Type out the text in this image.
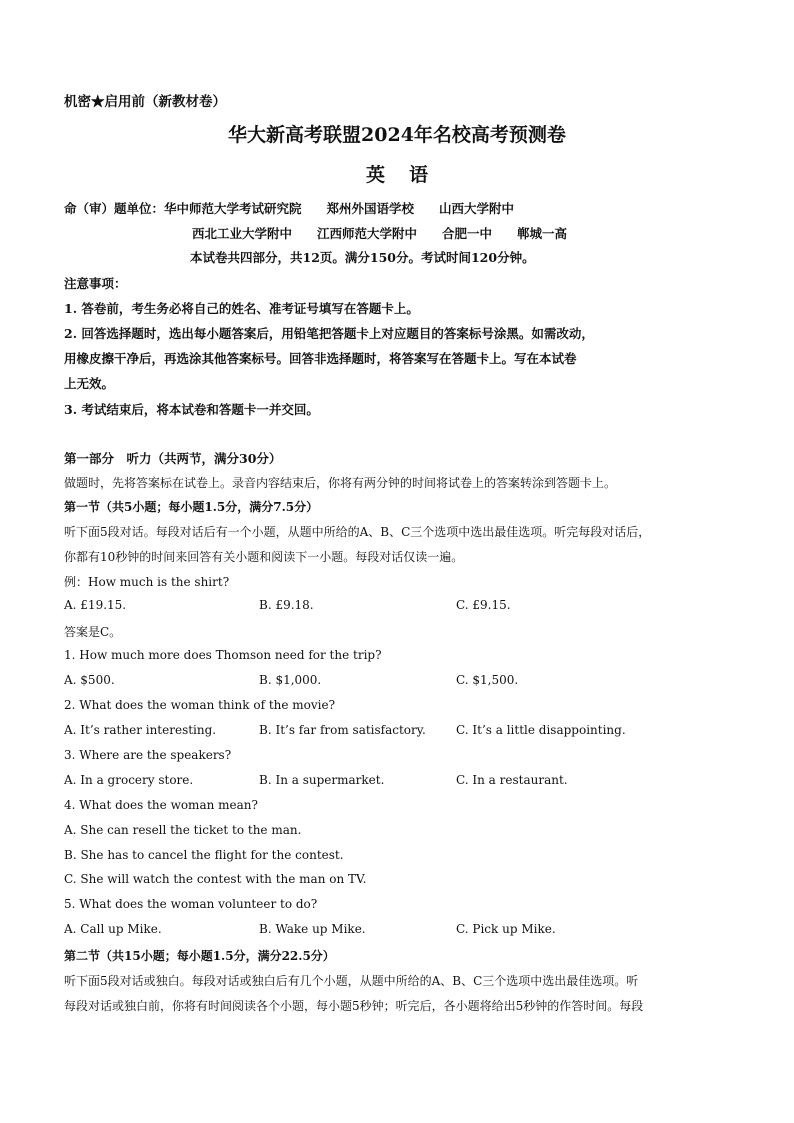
机密★启用前（新教材卷）
华大新高考联盟2024年名校高考预测卷
英语
命（审）题单位：华中师范大学考试研究院　　郑州外国语学校　　山西大学附中
西北工业大学附中　　江西师范大学附中　　合肥一中　　郸城一高
本试卷共四部分，共12页。满分150分。考试时间120分钟。
注意事项：
1. 答卷前，考生务必将自己的姓名、准考证号填写在答题卡上。
2. 回答选择题时，选出每小题答案后，用铅笔把答题卡上对应题目的答案标号涂黑。如需改动，
用橡皮擦干净后，再选涂其他答案标号。回答非选择题时，将答案写在答题卡上。写在本试卷
上无效。
3. 考试结束后，将本试卷和答题卡一并交回。
第一部分　听力（共两节，满分30分）
做题时，先将答案标在试卷上。录音内容结束后，你将有两分钟的时间将试卷上的答案转涂到答题卡上。
第一节（共5小题；每小题1.5分，满分7.5分）
听下面5段对话。每段对话后有一个小题，从题中所给的A、B、C三个选项中选出最佳选项。听完每段对话后，
你都有10秒钟的时间来回答有关小题和阅读下一小题。每段对话仅读一遍。
例：How much is the shirt?
A. £19.15.	B. £9.18.	C. £9.15.
答案是C。
1. How much more does Thomson need for the trip?
A. $500.	B. $1,000.	C. $1,500.
2. What does the woman think of the movie?
A. It’s rather interesting.	B. It’s far from satisfactory.	C. It’s a little disappointing.
3. Where are the speakers?
A. In a grocery store.	B. In a supermarket.	C. In a restaurant.
4. What does the woman mean?
A. She can resell the ticket to the man.
B. She has to cancel the flight for the contest.
C. She will watch the contest with the man on TV.
5. What does the woman volunteer to do?
A. Call up Mike.	B. Wake up Mike.	C. Pick up Mike.
第二节（共15小题；每小题1.5分，满分22.5分）
听下面5段对话或独白。每段对话或独白后有几个小题，从题中所给的A、B、C三个选项中选出最佳选项。听
每段对话或独白前，你将有时间阅读各个小题，每小题5秒钟；听完后，各小题将给出5秒钟的作答时间。每段
